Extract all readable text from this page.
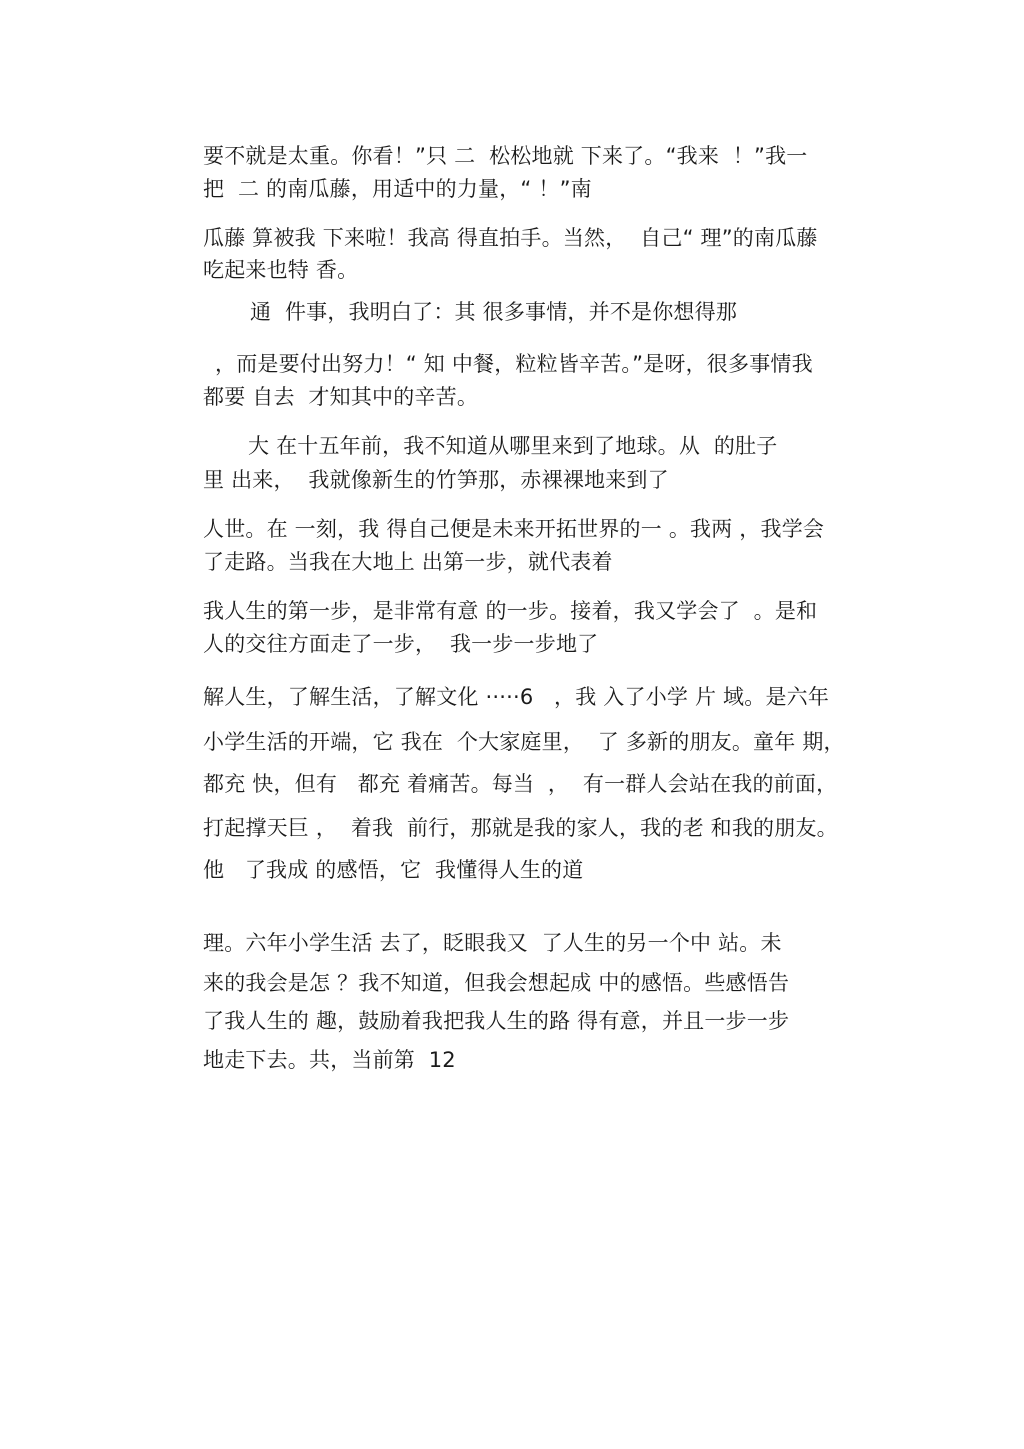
要不就是太重。你看！”只 二  松松地就 下来了。“我来  ！”我一
把  二 的南瓜藤，用适中的力量，“ ！”南
瓜藤 算被我 下来啦！我高 得直拍手。当然，  自己“ 理”的南瓜藤
吃起来也特 香。
通  件事，我明白了：其 很多事情，并不是你想得那
，而是要付出努力！“ 知 中餐，粒粒皆辛苦。”是呀，很多事情我
都要 自去  才知其中的辛苦。
大 在十五年前，我不知道从哪里来到了地球。从  的肚子
里 出来，  我就像新生的竹笋那，赤裸裸地来到了
人世。在 一刻，我 得自己便是未来开拓世界的一 。我两 ，我学会
了走路。当我在大地上 出第一步，就代表着
我人生的第一步，是非常有意 的一步。接着，我又学会了  。是和
人的交往方面走了一步，  我一步一步地了
解人生，了解生活，了解文化 ·····6   ，我 入了小学 片 域。是六年
小学生活的开端，它 我在  个大家庭里，  了 多新的朋友。童年 期，
都充 快，但有   都充 着痛苦。每当  ，  有一群人会站在我的前面，
打起撑天巨 ，  着我  前行，那就是我的家人，我的老 和我的朋友。
他   了我成 的感悟，它  我懂得人生的道
理。六年小学生活 去了，眨眼我又  了人生的另一个中 站。未
来的我会是怎 ？我不知道，但我会想起成 中的感悟。些感悟告
了我人生的 趣，鼓励着我把我人生的路 得有意，并且一步一步
地走下去。共，当前第  12
